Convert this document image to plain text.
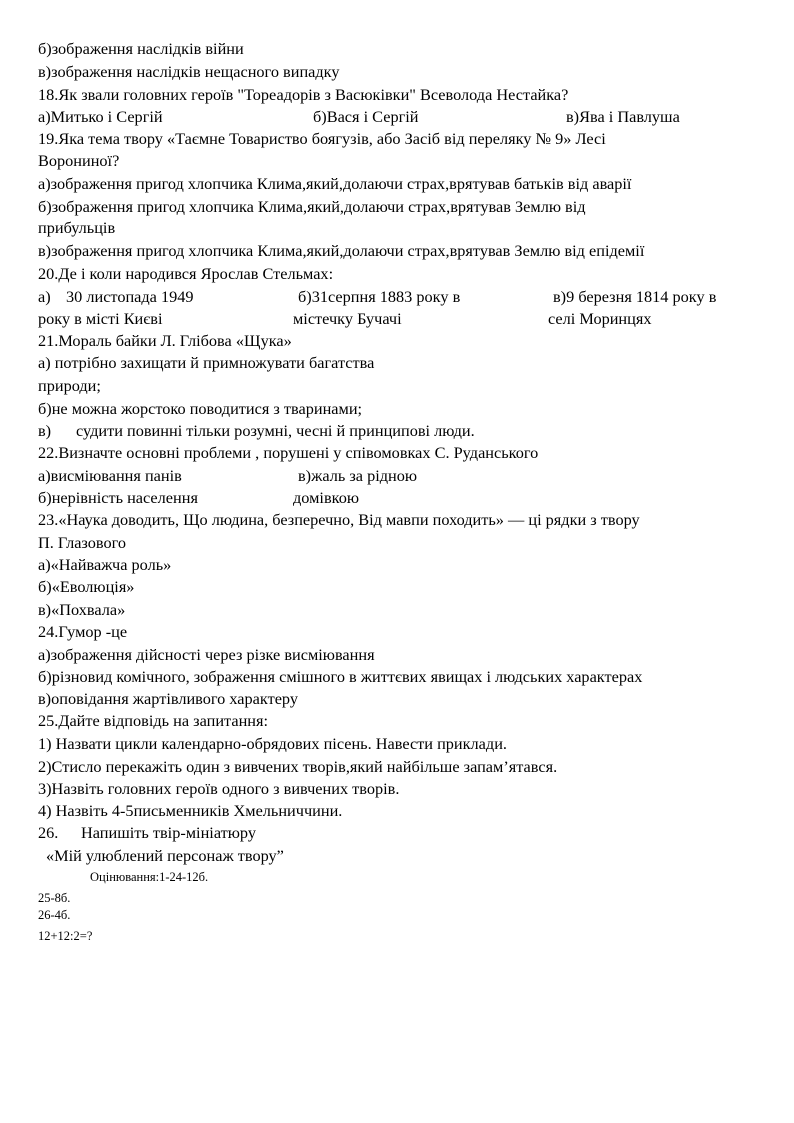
б)зображення наслідків війни
в)зображення наслідків нещасного випадку
18.Як звали головних героїв "Тореадорів з Васюківки" Всеволода Нестайка?
а)Митько і Сергій	б)Вася і Сергій	в)Ява і Павлуша
19.Яка тема твору «Таємне Товариство боягузів, або Засіб від переляку № 9» Лесі
Ворониної?
а)зображення пригод хлопчика Клима,який,долаючи страх,врятував батьків від аварії
б)зображення пригод хлопчика Клима,який,долаючи страх,врятував Землю від
прибульців
в)зображення пригод хлопчика Клима,який,долаючи страх,врятував Землю від епідемії
20.Де і коли народився Ярослав Стельмах:
а) 30 листопада 1949	б)31серпня 1883 року в	в)9 березня 1814 року в
року в місті Києві	містечку Бучачі	селі Моринцях
21.Мораль байки Л. Глібова «Щука»
а) потрібно захищати й примножувати багатства
природи;
б)не можна жорстоко поводитися з тваринами;
в) судити повинні тільки розумні, чесні й принципові люди.
22.Визначте основні проблеми , порушені у співомовках С. Руданського
а)висміювання панів	в)жаль за рідною
б)нерівність населення	домівкою
23.«Наука доводить, Що людина, безперечно, Від мавпи походить» — ці рядки з твору
П. Глазового
а)«Найважча роль»
б)«Еволюція»
в)«Похвала»
24.Гумор -це
а)зображення дійсності через різке висміювання
б)різновид комічного, зображення смішного в життєвих явищах і людських характерах
в)оповідання жартівливого характеру
25.Дайте відповідь на запитання:
1) Назвати цикли календарно-обрядових пісень. Навести приклади.
2)Стисло перекажіть один з вивчених творів,який найбільше запам’ятався.
3)Назвіть головних героїв одного з вивчених творів.
4) Назвіть 4-5письменників Хмельниччини.
26. Напишіть твір-мініатюру
«Мій улюблений персонаж твору”
Оцінювання:1-24-12б.
25-8б.
26-4б.
12+12:2=?
